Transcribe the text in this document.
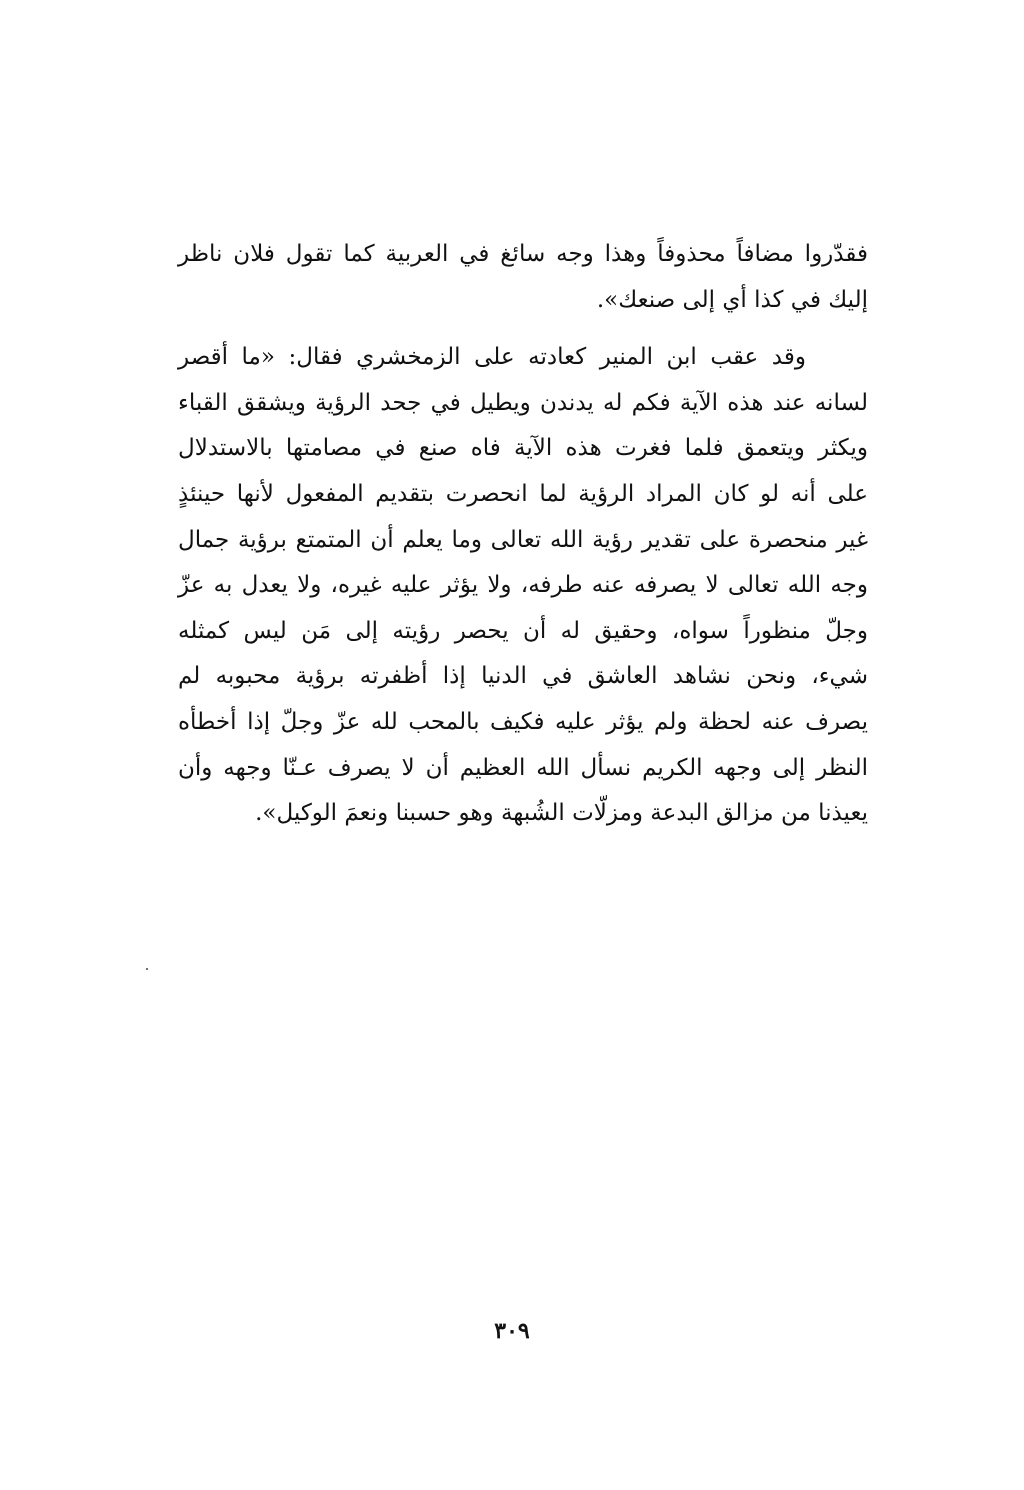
فقدّروا مضافاً محذوفاً وهذا وجه سائغ في العربية كما تقول فلان ناظر
إليك في كذا أي إلى صنعك».

وقد عقب ابن المنير كعادته على الزمخشري فقال: «ما أقصر
لسانه عند هذه الآية فكم له يدندن ويطيل في جحد الرؤية ويشقق القباء
ويكثر ويتعمق فلما فغرت هذه الآية فاه صنع في مصامتها بالاستدلال
على أنه لو كان المراد الرؤية لما انحصرت بتقديم المفعول لأنها حينئذٍ
غير منحصرة على تقدير رؤية الله تعالى وما يعلم أن المتمتع برؤية جمال
وجه الله تعالى لا يصرفه عنه طرفه، ولا يؤثر عليه غيره، ولا يعدل به عزّ
وجلّ منظوراً سواه، وحقيق له أن يحصر رؤيته إلى مَن ليس كمثله
شيء، ونحن نشاهد العاشق في الدنيا إذا أظفرته برؤية محبوبه لم
يصرف عنه لحظة ولم يؤثر عليه فكيف بالمحب لله عزّ وجلّ إذا أخطأه
النظر إلى وجهه الكريم نسأل الله العظيم أن لا يصرف عـنّا وجهه وأن
يعيذنا من مزالق البدعة ومزلّات الشُبهة وهو حسبنا ونعمَ الوكيل».

٣٠٩
